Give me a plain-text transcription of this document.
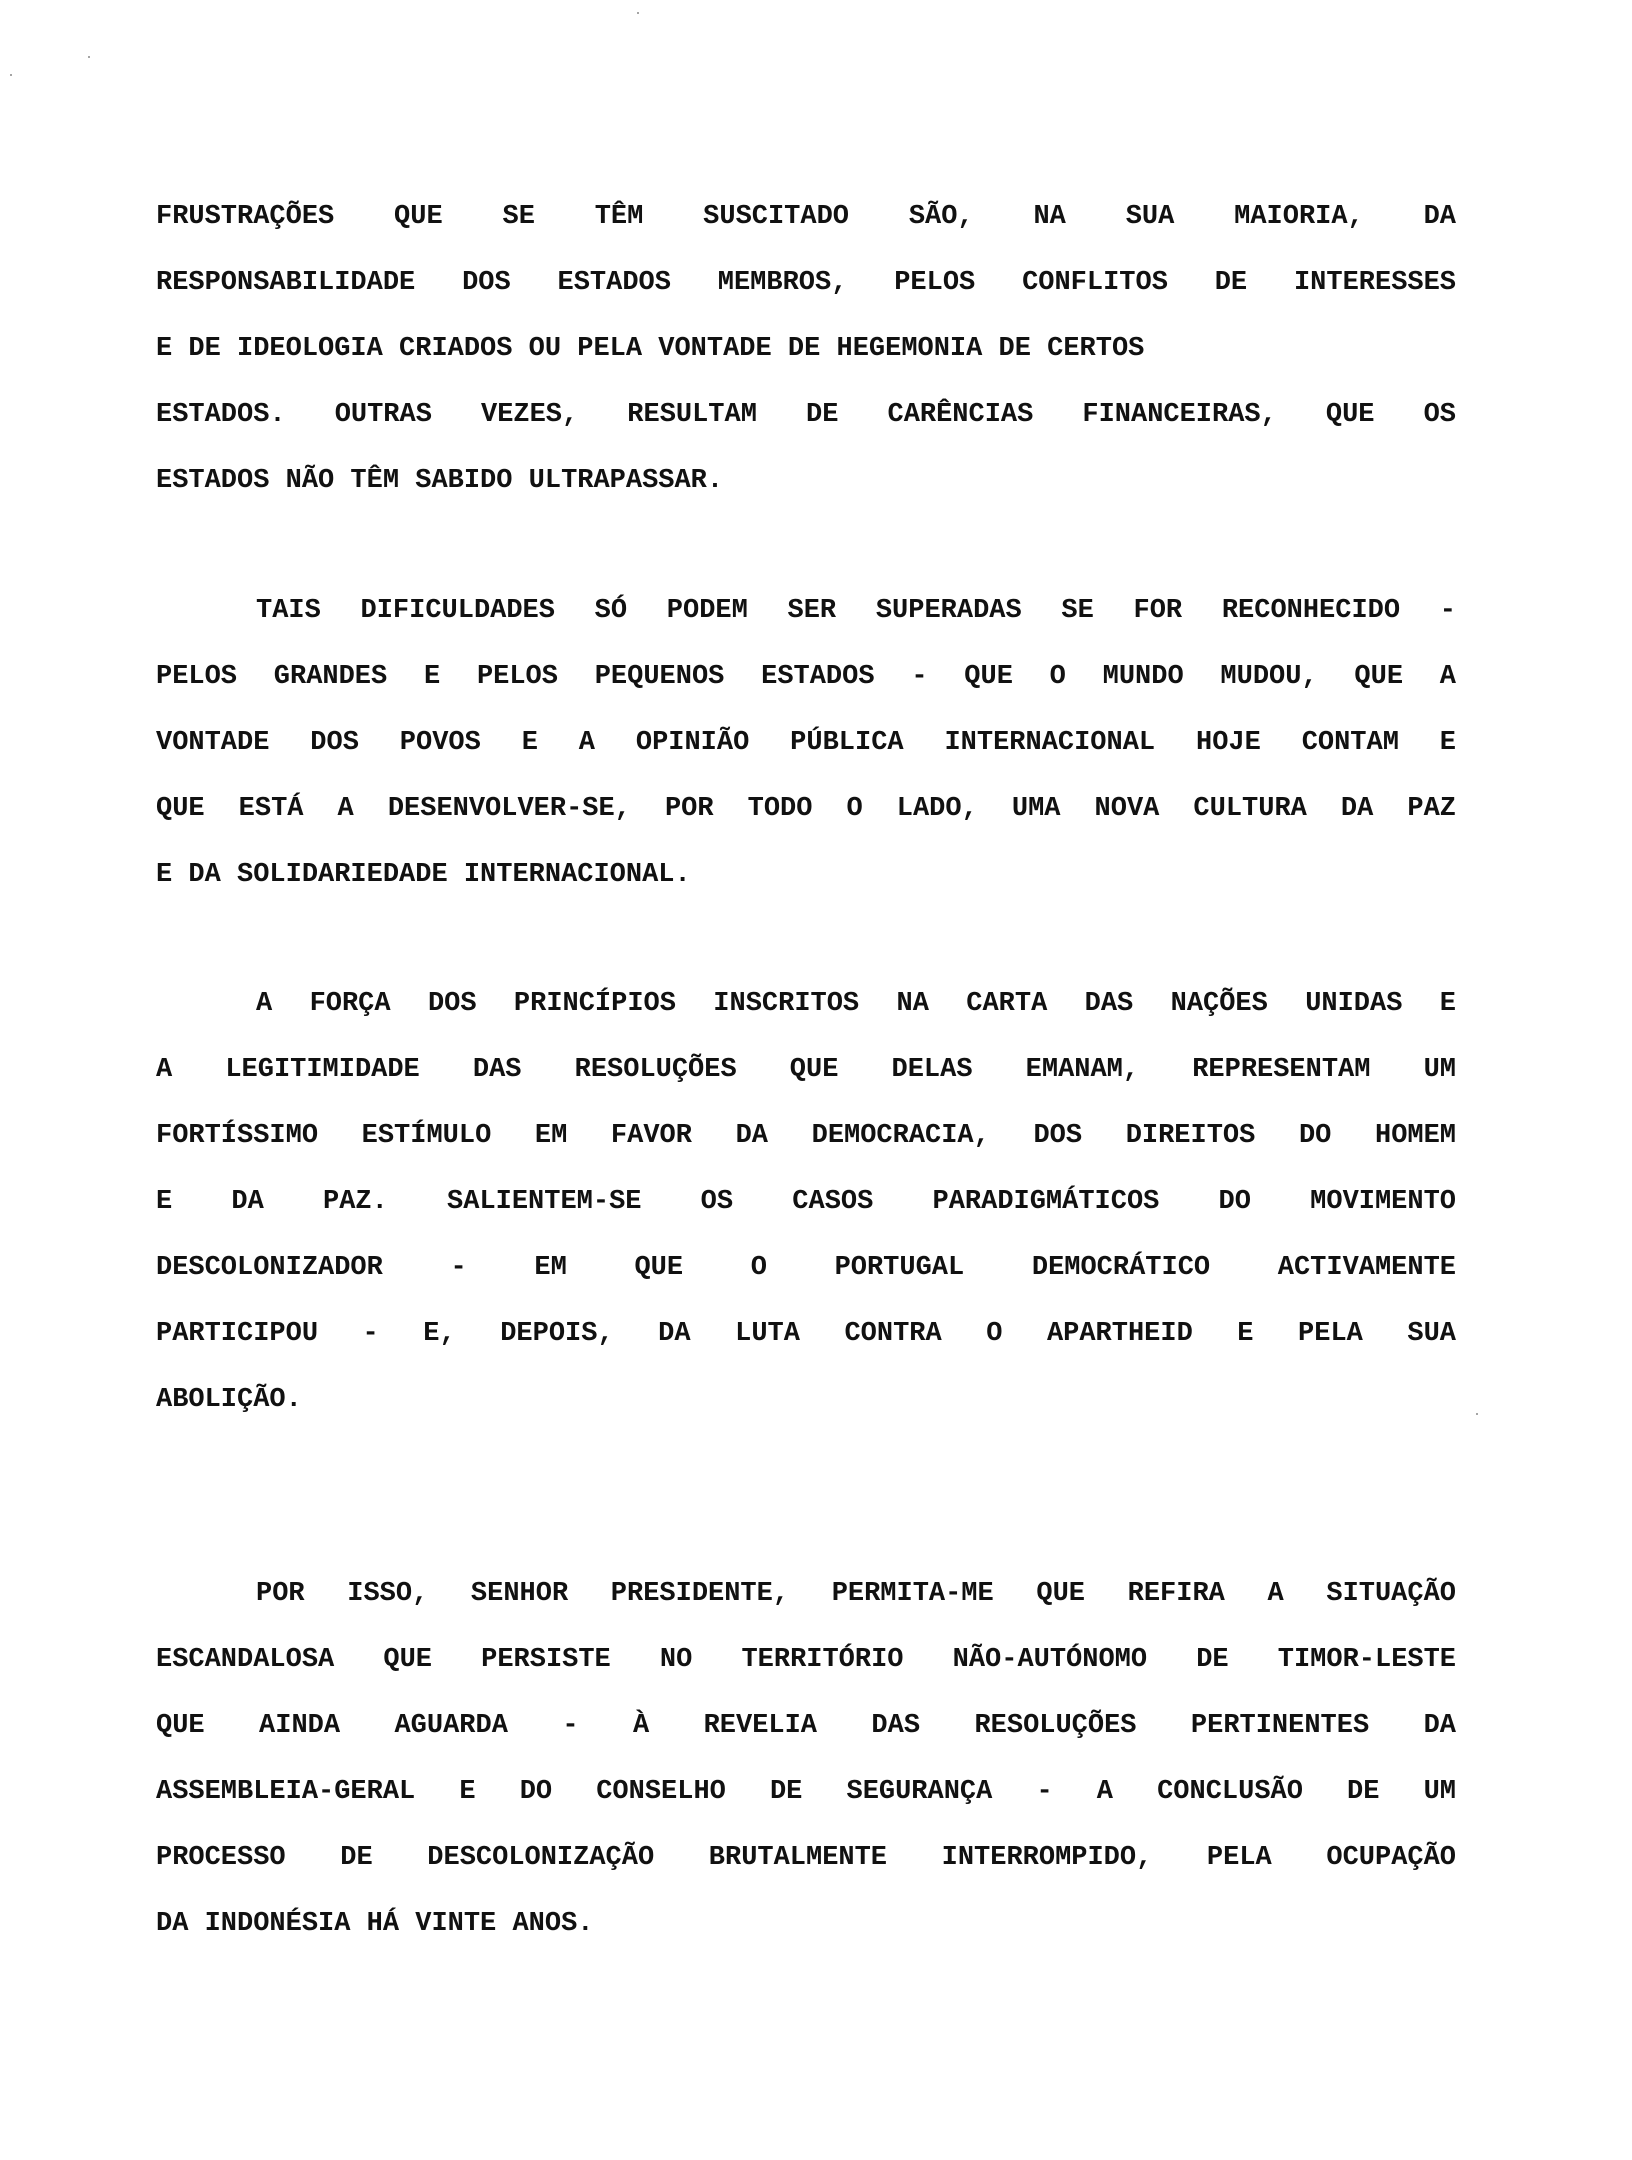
FRUSTRAÇÕES QUE SE TÊM SUSCITADO SÃO, NA SUA MAIORIA, DA
RESPONSABILIDADE DOS ESTADOS MEMBROS, PELOS CONFLITOS DE INTERESSES
E DE IDEOLOGIA CRIADOS OU PELA VONTADE DE HEGEMONIA DE CERTOS
ESTADOS. OUTRAS VEZES, RESULTAM DE CARÊNCIAS FINANCEIRAS, QUE OS
ESTADOS NÃO TÊM SABIDO ULTRAPASSAR.
TAIS DIFICULDADES SÓ PODEM SER SUPERADAS SE FOR RECONHECIDO -
PELOS GRANDES E PELOS PEQUENOS ESTADOS - QUE O MUNDO MUDOU, QUE A
VONTADE DOS POVOS E A OPINIÃO PÚBLICA INTERNACIONAL HOJE CONTAM E
QUE ESTÁ A DESENVOLVER-SE, POR TODO O LADO, UMA NOVA CULTURA DA PAZ
E DA SOLIDARIEDADE INTERNACIONAL.
A FORÇA DOS PRINCÍPIOS INSCRITOS NA CARTA DAS NAÇÕES UNIDAS E
A LEGITIMIDADE DAS RESOLUÇÕES QUE DELAS EMANAM, REPRESENTAM UM
FORTÍSSIMO ESTÍMULO EM FAVOR DA DEMOCRACIA, DOS DIREITOS DO HOMEM
E DA PAZ. SALIENTEM-SE OS CASOS PARADIGMÁTICOS DO MOVIMENTO
DESCOLONIZADOR - EM QUE O PORTUGAL DEMOCRÁTICO ACTIVAMENTE
PARTICIPOU - E, DEPOIS, DA LUTA CONTRA O APARTHEID E PELA SUA
ABOLIÇÃO.
POR ISSO, SENHOR PRESIDENTE, PERMITA-ME QUE REFIRA A SITUAÇÃO
ESCANDALOSA QUE PERSISTE NO TERRITÓRIO NÃO-AUTÓNOMO DE TIMOR-LESTE
QUE AINDA AGUARDA - À REVELIA DAS RESOLUÇÕES PERTINENTES DA
ASSEMBLEIA-GERAL E DO CONSELHO DE SEGURANÇA - A CONCLUSÃO DE UM
PROCESSO DE DESCOLONIZAÇÃO BRUTALMENTE INTERROMPIDO, PELA OCUPAÇÃO
DA INDONÉSIA HÁ VINTE ANOS.
